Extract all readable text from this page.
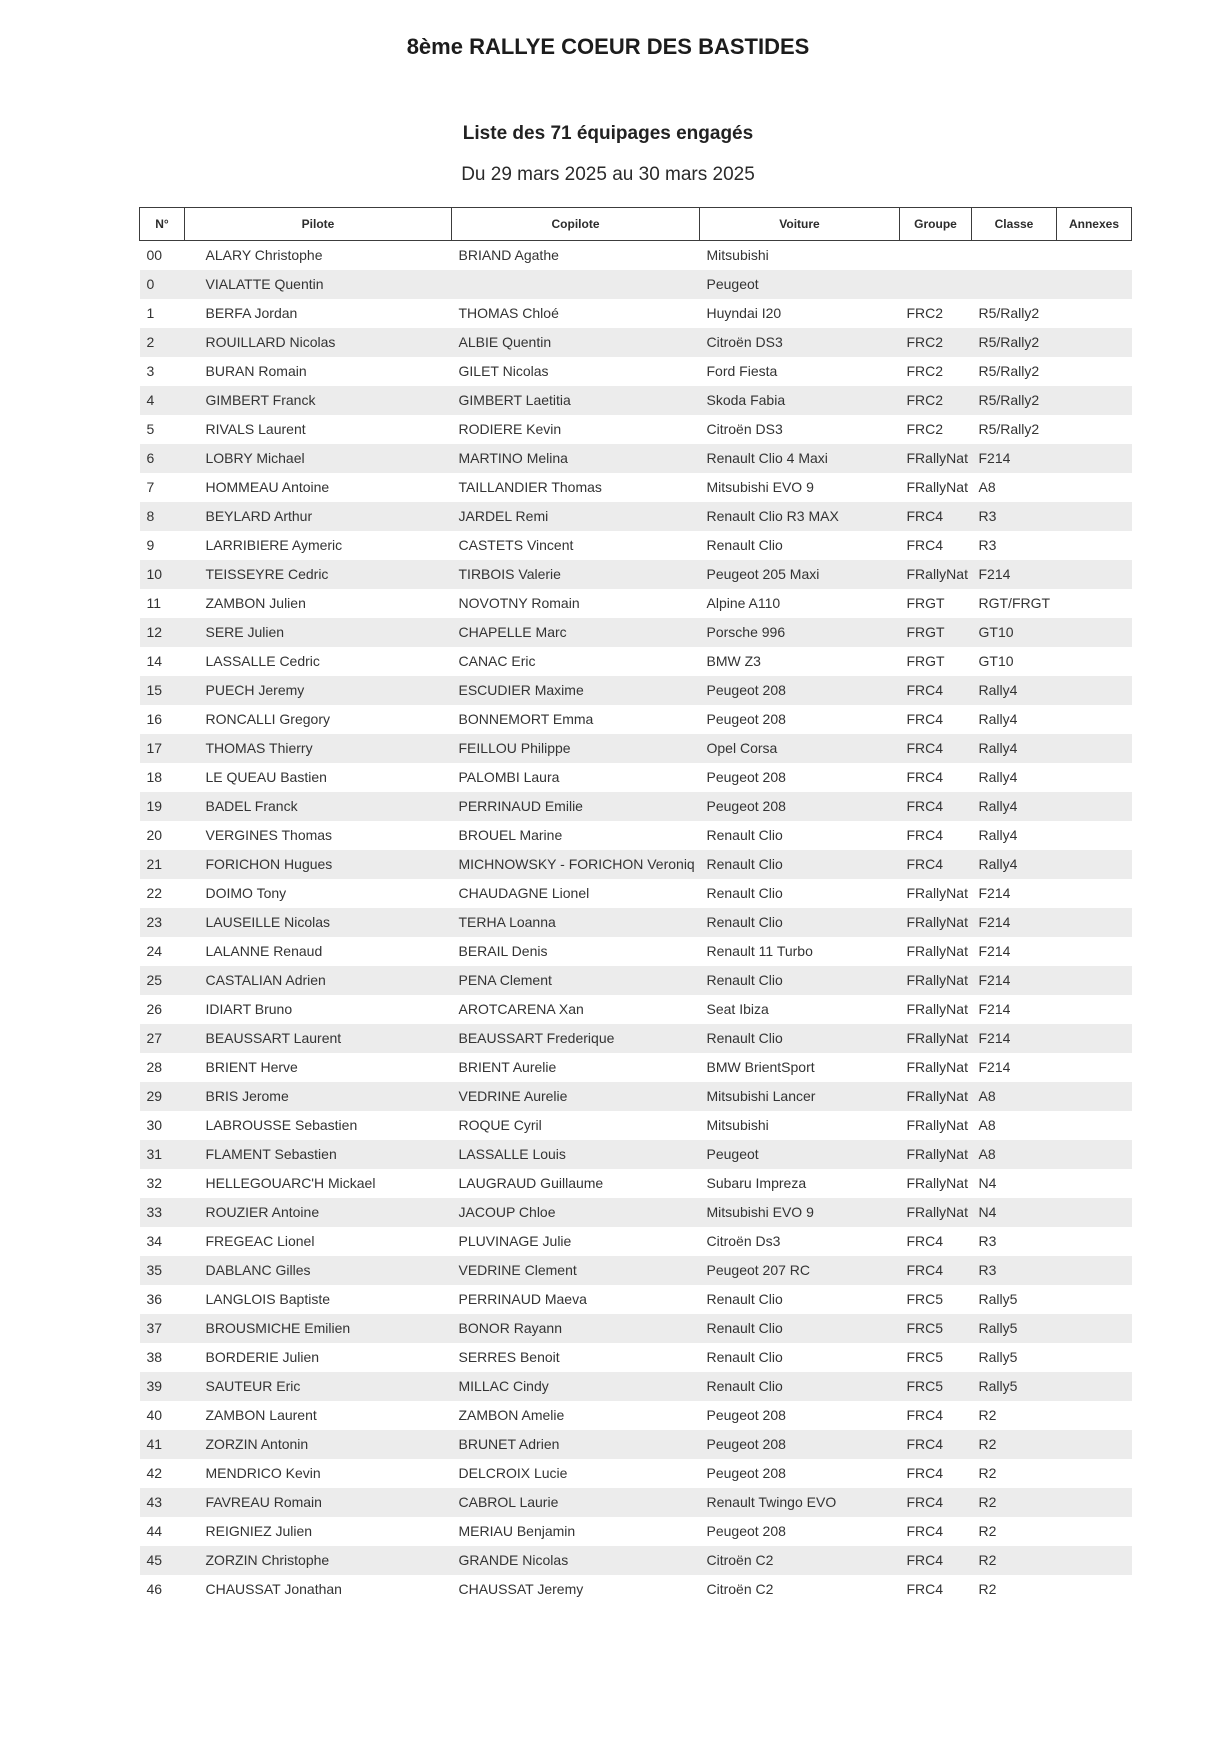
8ème RALLYE COEUR DES BASTIDES
Liste des 71 équipages engagés
Du 29 mars 2025 au 30 mars 2025
N°	Pilote	Copilote	Voiture	Groupe	Classe	Annexes
00	ALARY Christophe	BRIAND Agathe	Mitsubishi			
0	VIALATTE Quentin		Peugeot			
1	BERFA Jordan	THOMAS Chloé	Huyndai I20	FRC2	R5/Rally2	
2	ROUILLARD Nicolas	ALBIE Quentin	Citroën DS3	FRC2	R5/Rally2	
3	BURAN Romain	GILET Nicolas	Ford Fiesta	FRC2	R5/Rally2	
4	GIMBERT Franck	GIMBERT Laetitia	Skoda Fabia	FRC2	R5/Rally2	
5	RIVALS Laurent	RODIERE Kevin	Citroën DS3	FRC2	R5/Rally2	
6	LOBRY Michael	MARTINO Melina	Renault Clio 4 Maxi	FRallyNat	F214	
7	HOMMEAU Antoine	TAILLANDIER Thomas	Mitsubishi EVO 9	FRallyNat	A8	
8	BEYLARD Arthur	JARDEL Remi	Renault Clio R3 MAX	FRC4	R3	
9	LARRIBIERE Aymeric	CASTETS Vincent	Renault Clio	FRC4	R3	
10	TEISSEYRE Cedric	TIRBOIS Valerie	Peugeot 205 Maxi	FRallyNat	F214	
11	ZAMBON Julien	NOVOTNY Romain	Alpine A110	FRGT	RGT/FRGT	
12	SERE Julien	CHAPELLE Marc	Porsche 996	FRGT	GT10	
14	LASSALLE Cedric	CANAC Eric	BMW Z3	FRGT	GT10	
15	PUECH Jeremy	ESCUDIER Maxime	Peugeot 208	FRC4	Rally4	
16	RONCALLI Gregory	BONNEMORT Emma	Peugeot 208	FRC4	Rally4	
17	THOMAS Thierry	FEILLOU Philippe	Opel Corsa	FRC4	Rally4	
18	LE QUEAU Bastien	PALOMBI Laura	Peugeot 208	FRC4	Rally4	
19	BADEL Franck	PERRINAUD Emilie	Peugeot 208	FRC4	Rally4	
20	VERGINES Thomas	BROUEL Marine	Renault Clio	FRC4	Rally4	
21	FORICHON Hugues	MICHNOWSKY - FORICHON Veroniq	Renault Clio	FRC4	Rally4	
22	DOIMO Tony	CHAUDAGNE Lionel	Renault Clio	FRallyNat	F214	
23	LAUSEILLE Nicolas	TERHA Loanna	Renault Clio	FRallyNat	F214	
24	LALANNE Renaud	BERAIL Denis	Renault 11 Turbo	FRallyNat	F214	
25	CASTALIAN Adrien	PENA Clement	Renault Clio	FRallyNat	F214	
26	IDIART Bruno	AROTCARENA Xan	Seat Ibiza	FRallyNat	F214	
27	BEAUSSART Laurent	BEAUSSART Frederique	Renault Clio	FRallyNat	F214	
28	BRIENT Herve	BRIENT Aurelie	BMW BrientSport	FRallyNat	F214	
29	BRIS Jerome	VEDRINE Aurelie	Mitsubishi Lancer	FRallyNat	A8	
30	LABROUSSE Sebastien	ROQUE Cyril	Mitsubishi	FRallyNat	A8	
31	FLAMENT Sebastien	LASSALLE Louis	Peugeot	FRallyNat	A8	
32	HELLEGOUARC'H Mickael	LAUGRAUD Guillaume	Subaru Impreza	FRallyNat	N4	
33	ROUZIER Antoine	JACOUP Chloe	Mitsubishi EVO 9	FRallyNat	N4	
34	FREGEAC Lionel	PLUVINAGE Julie	Citroën Ds3	FRC4	R3	
35	DABLANC Gilles	VEDRINE Clement	Peugeot 207 RC	FRC4	R3	
36	LANGLOIS Baptiste	PERRINAUD Maeva	Renault Clio	FRC5	Rally5	
37	BROUSMICHE Emilien	BONOR Rayann	Renault Clio	FRC5	Rally5	
38	BORDERIE Julien	SERRES Benoit	Renault Clio	FRC5	Rally5	
39	SAUTEUR Eric	MILLAC Cindy	Renault Clio	FRC5	Rally5	
40	ZAMBON Laurent	ZAMBON Amelie	Peugeot 208	FRC4	R2	
41	ZORZIN Antonin	BRUNET Adrien	Peugeot 208	FRC4	R2	
42	MENDRICO Kevin	DELCROIX Lucie	Peugeot 208	FRC4	R2	
43	FAVREAU Romain	CABROL Laurie	Renault Twingo EVO	FRC4	R2	
44	REIGNIEZ Julien	MERIAU Benjamin	Peugeot 208	FRC4	R2	
45	ZORZIN Christophe	GRANDE Nicolas	Citroën C2	FRC4	R2	
46	CHAUSSAT Jonathan	CHAUSSAT Jeremy	Citroën C2	FRC4	R2	
